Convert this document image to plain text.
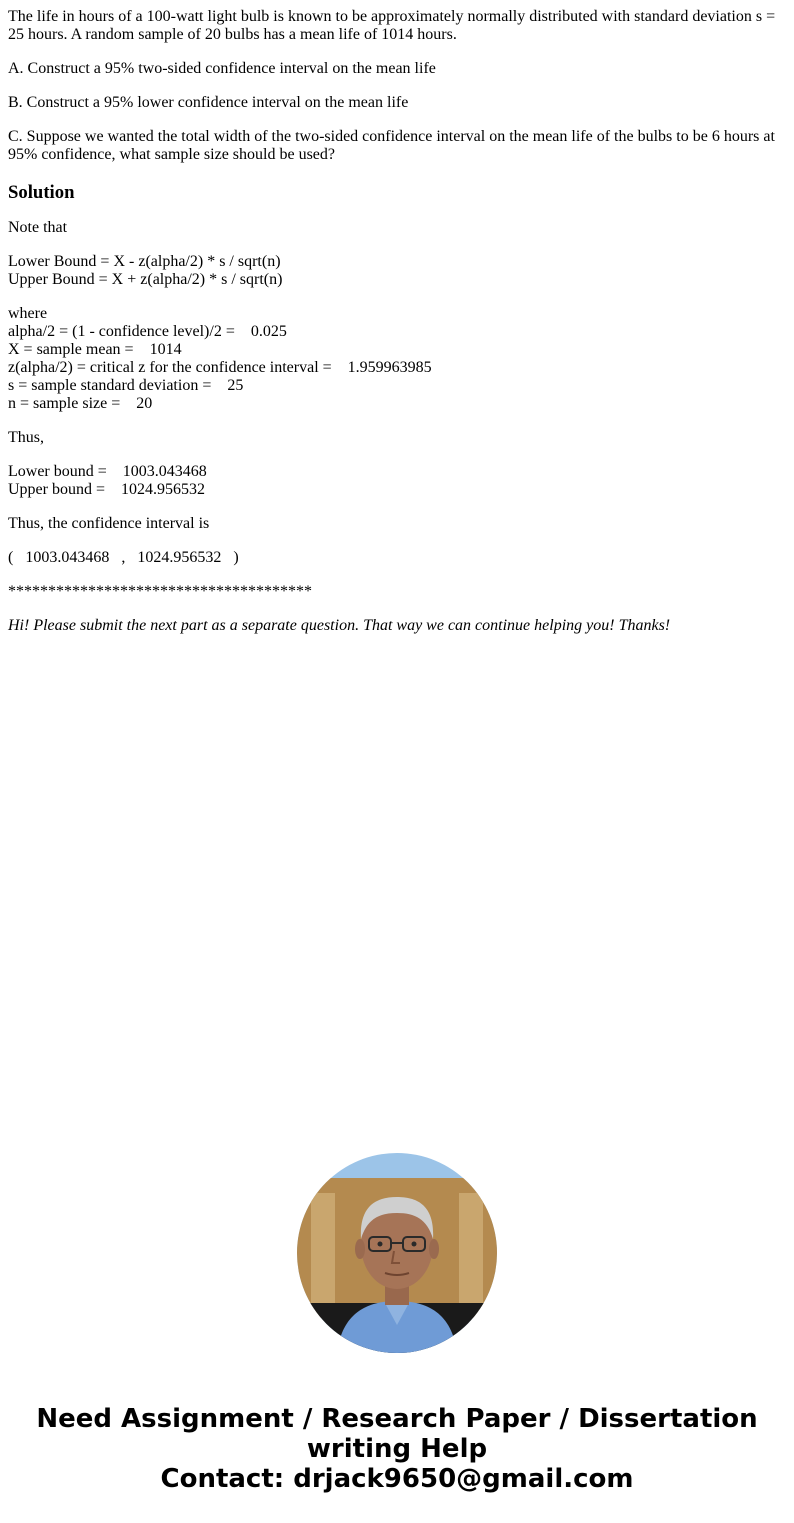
The life in hours of a 100-watt light bulb is known to be approximately normally distributed with standard deviation s = 25 hours. A random sample of 20 bulbs has a mean life of 1014 hours.

A. Construct a 95% two-sided confidence interval on the mean life

B. Construct a 95% lower confidence interval on the mean life

C. Suppose we wanted the total width of the two-sided confidence interval on the mean life of the bulbs to be 6 hours at 95% confidence, what sample size should be used?

Solution

Note that

Lower Bound = X - z(alpha/2) * s / sqrt(n)
Upper Bound = X + z(alpha/2) * s / sqrt(n)

where
alpha/2 = (1 - confidence level)/2 =    0.025
X = sample mean =    1014
z(alpha/2) = critical z for the confidence interval =    1.959963985
s = sample standard deviation =    25
n = sample size =    20

Thus,

Lower bound =    1003.043468
Upper bound =    1024.956532

Thus, the confidence interval is

(   1003.043468   ,   1024.956532   )

**************************************

Hi! Please submit the next part as a separate question. That way we can continue helping you! Thanks!

Need Assignment / Research Paper / Dissertation
writing Help
Contact: drjack9650@gmail.com
